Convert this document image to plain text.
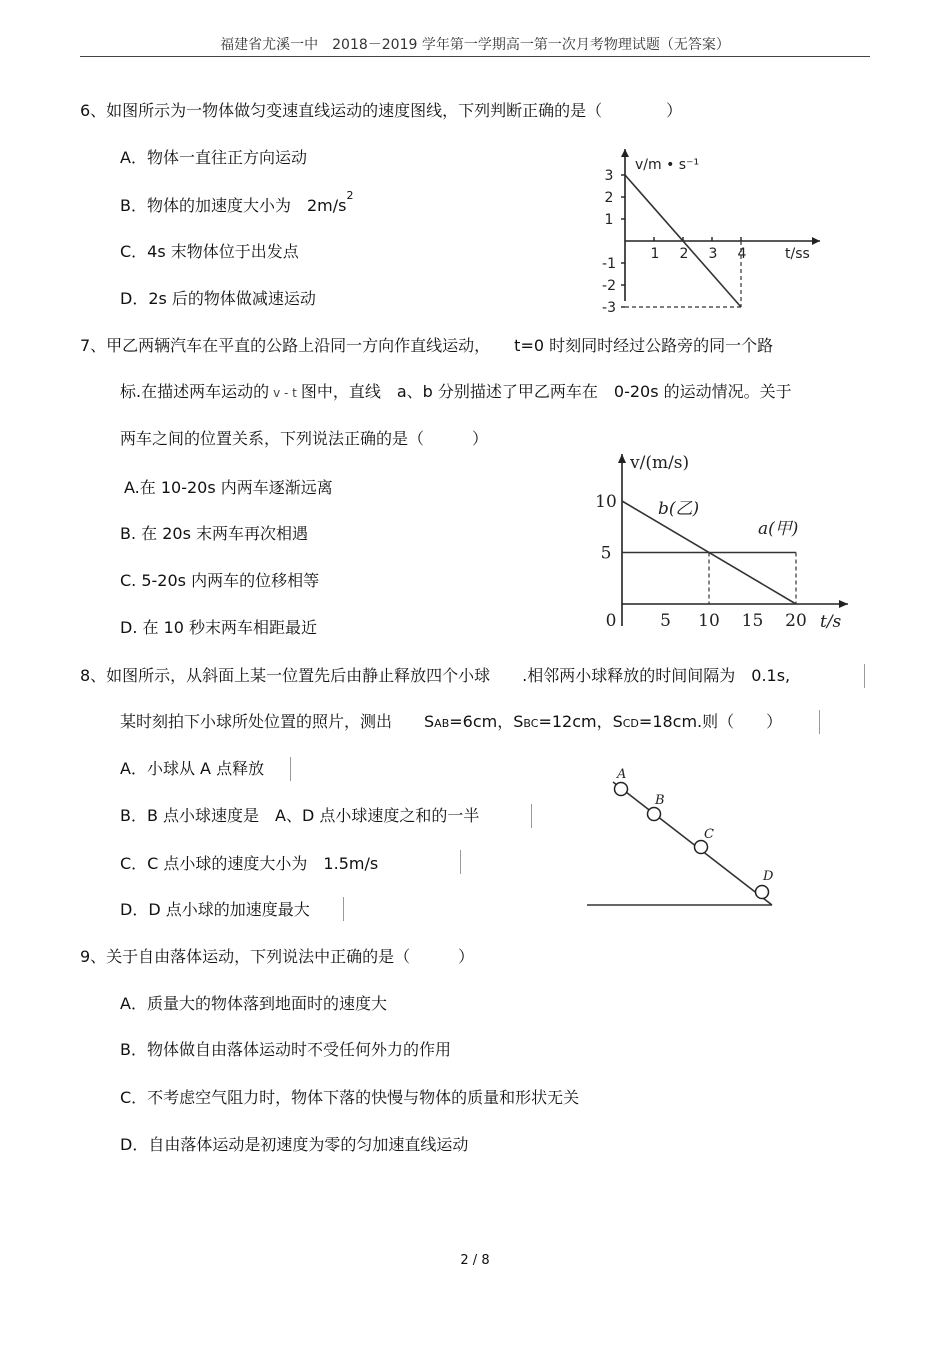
福建省尤溪一中　2018－2019 学年第一学期高一第一次月考物理试题（无答案）
6、如图所示为一物体做匀变速直线运动的速度图线，下列判断正确的是（　　　　）
A．物体一直往正方向运动
B．物体的加速度大小为　$2m/s^2$
C．4s 末物体位于出发点
D．2s 后的物体做减速运动
v/m • s⁻¹
t/ss
3
2
1
-1
-2
-3
1 2 3 4
7、甲乙两辆汽车在平直的公路上沿同一方向作直线运动，　　t=0 时刻同时经过公路旁的同一个路
标.在描述两车运动的 v - t 图中，直线　a、b 分别描述了甲乙两车在　0-20s 的运动情况。关于
两车之间的位置关系，下列说法正确的是（　　　）
A.在 10-20s 内两车逐渐远离
B. 在 20s 末两车再次相遇
C. 5-20s 内两车的位移相等
D. 在 10 秒末两车相距最近
v/(m/s)
t/s
5
10
0	5 10 15 20
b(乙)
a(甲)
8、如图所示，从斜面上某一位置先后由静止释放四个小球　　.相邻两小球释放的时间间隔为　0.1s,
某时刻拍下小球所处位置的照片，测出　　SAB=6cm，SBC=12cm，SCD=18cm.则（　　）
A．小球从 A 点释放
B．B 点小球速度是　A、D 点小球速度之和的一半
C．C 点小球的速度大小为　1.5m/s
D．D 点小球的加速度最大
A
B
C
D
9、关于自由落体运动，下列说法中正确的是（　　　）
A．质量大的物体落到地面时的速度大
B．物体做自由落体运动时不受任何外力的作用
C．不考虑空气阻力时，物体下落的快慢与物体的质量和形状无关
D．自由落体运动是初速度为零的匀加速直线运动
2 / 8
